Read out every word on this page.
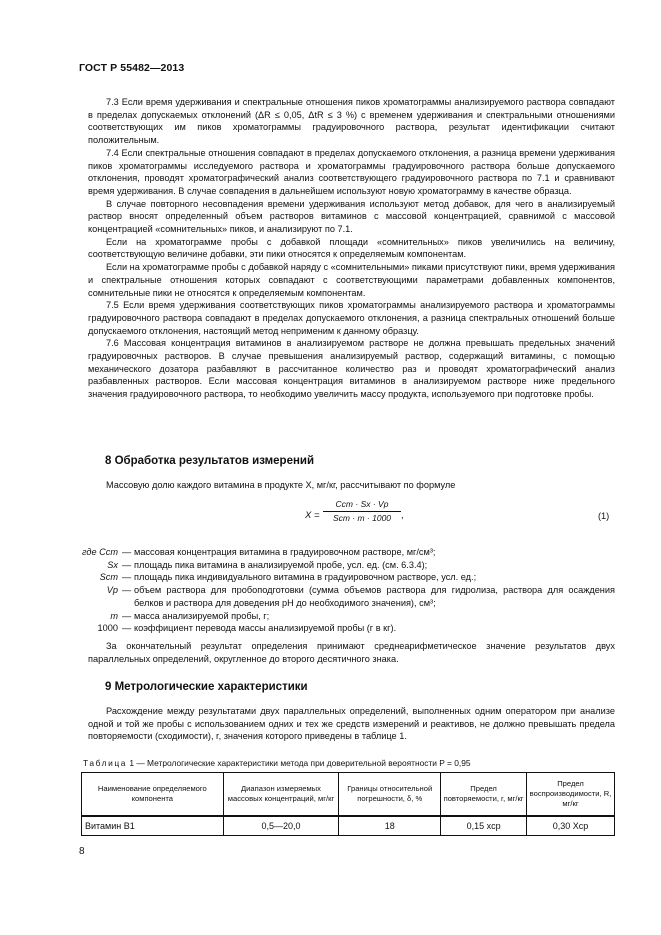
ГОСТ Р 55482—2013

7.3 Если время удерживания и спектральные отношения пиков хроматограммы анализируемого раствора совпадают в пределах допускаемых отклонений (ΔR ≤ 0,05, ΔtR ≤ 3 %) с временем удерживания и спектральными отношениями соответствующих им пиков хроматограммы градуировочного раствора, результат идентификации считают положительным.

7.4 Если спектральные отношения совпадают в пределах допускаемого отклонения, а разница времени удерживания пиков хроматограммы исследуемого раствора и хроматограммы градуировочного раствора больше допускаемого отклонения, проводят хроматографический анализ соответствующего градуировочного раствора по 7.1 и сравнивают время удерживания. В случае совпадения в дальнейшем используют новую хроматограмму в качестве образца.

В случае повторного несовпадения времени удерживания используют метод добавок, для чего в анализируемый раствор вносят определенный объем растворов витаминов с массовой концентрацией, сравнимой с массовой концентрацией «сомнительных» пиков, и анализируют по 7.1.

Если на хроматограмме пробы с добавкой площади «сомнительных» пиков увеличились на величину, соответствующую величине добавки, эти пики относятся к определяемым компонентам.

Если на хроматограмме пробы с добавкой наряду с «сомнительными» пиками присутствуют пики, время удерживания и спектральные отношения которых совпадают с соответствующими параметрами добавленных компонентов, сомнительные пики не относятся к определяемым компонентам.

7.5 Если время удерживания соответствующих пиков хроматограммы анализируемого раствора и хроматограммы градуировочного раствора совпадают в пределах допускаемого отклонения, а разница спектральных отношений больше допускаемого отклонения, настоящий метод неприменим к данному образцу.

7.6 Массовая концентрация витаминов в анализируемом растворе не должна превышать предельных значений градуировочных растворов. В случае превышения анализируемый раствор, содержащий витамины, с помощью механического дозатора разбавляют в рассчитанное количество раз и проводят хроматографический анализ разбавленных растворов. Если массовая концентрация витаминов в анализируемом растворе ниже предельного значения градуировочного раствора, то необходимо увеличить массу продукта, используемого при подготовке пробы.

8 Обработка результатов измерений
Массовую долю каждого витамина в продукте X, мг/кг, рассчитывают по формуле
X =
Cст · Sx · Vр
Sст · m · 1000	,	(1)
где Cст — массовая концентрация витамина в градуировочном растворе, мг/см³;
Sx — площадь пика витамина в анализируемой пробе, усл. ед. (см. 6.3.4);
Sст — площадь пика индивидуального витамина в градуировочном растворе, усл. ед.;
Vр — объем раствора для пробоподготовки (сумма объемов раствора для гидролиза, раствора для осаждения белков и раствора для доведения pH до необходимого значения), см³;
m — масса анализируемой пробы, г;
1000 — коэффициент перевода массы анализируемой пробы (г в кг).

За окончательный результат определения принимают среднеарифметическое значение результатов двух параллельных определений, округленное до второго десятичного знака.

9 Метрологические характеристики

Расхождение между результатами двух параллельных определений, выполненных одним оператором при анализе одной и той же пробы с использованием одних и тех же средств измерений и реактивов, не должно превышать предела повторяемости (сходимости), r, значения которого приведены в таблице 1.

Таблица 1 — Метрологические характеристики метода при доверительной вероятности P = 0,95
Наименование определяемого компонента	Диапазон измеряемых массовых концентраций, мг/кг	Границы относительной погрешности, δ, %	Предел повторяемости, r, мг/кг	Предел воспроизводимости, R, мг/кг
Витамин B1	0,5—20,0	18	0,15 xср	0,30 Xср
8
